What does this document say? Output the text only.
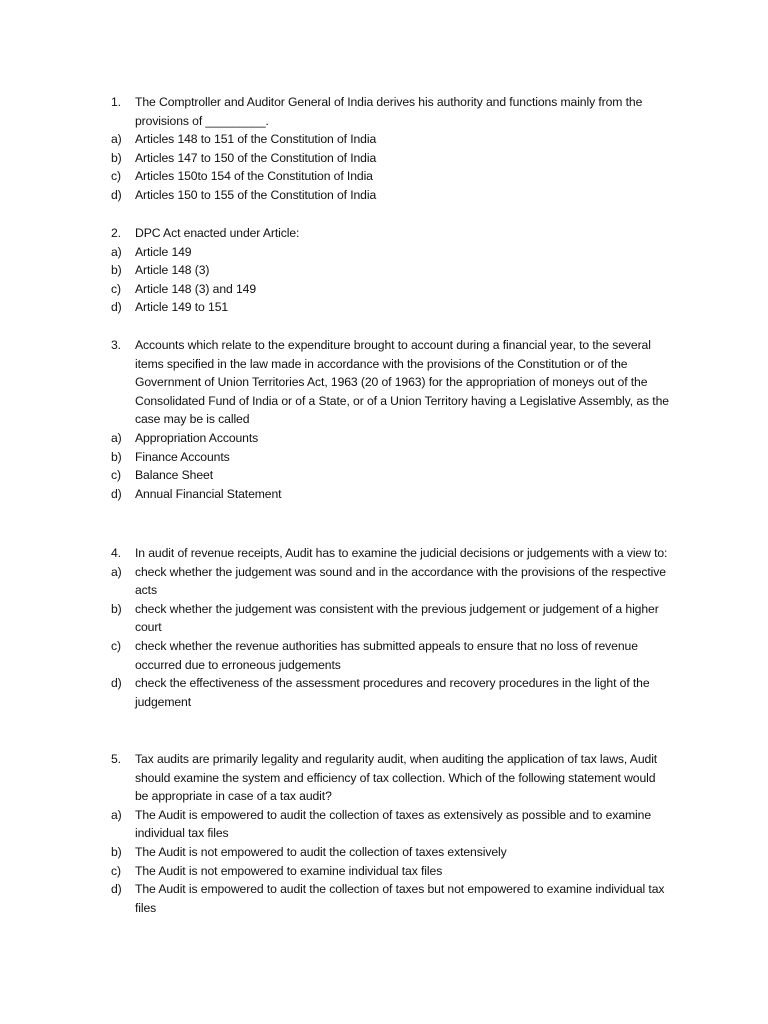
1.	The Comptroller and Auditor General of India derives his authority and functions mainly from the provisions of _________.
a)	Articles 148 to 151 of the Constitution of India
b)	Articles 147 to 150 of the Constitution of India
c)	Articles 150to 154 of the Constitution of India
d)	Articles 150 to 155 of the Constitution of India
2.	DPC Act enacted under Article:
a)	Article 149
b)	Article 148 (3)
c)	Article 148 (3) and 149
d)	Article 149 to 151
3.	Accounts which relate to the expenditure brought to account during a financial year, to the several items specified in the law made in accordance with the provisions of the Constitution or of the Government of Union Territories Act, 1963 (20 of 1963) for the appropriation of moneys out of the Consolidated Fund of India or of a State, or of a Union Territory having a Legislative Assembly, as the case may be is called
a)	Appropriation Accounts
b)	Finance Accounts
c)	Balance Sheet
d)	Annual Financial Statement
4.	In audit of revenue receipts, Audit has to examine the judicial decisions or judgements with a view to:
a)	check whether the judgement was sound and in the accordance with the provisions of the respective acts
b)	check whether the judgement was consistent with the previous judgement or judgement of a higher court
c)	check whether the revenue authorities has submitted appeals to ensure that no loss of revenue occurred due to erroneous judgements
d)	check the effectiveness of the assessment procedures and recovery procedures in the light of the judgement
5.	Tax audits are primarily legality and regularity audit, when auditing the application of tax laws, Audit should examine the system and efficiency of tax collection. Which of the following statement would be appropriate in case of a tax audit?
a)	The Audit is empowered to audit the collection of taxes as extensively as possible and to examine individual tax files
b)	The Audit is not empowered to audit the collection of taxes extensively
c)	The Audit is not empowered to examine individual tax files
d)	The Audit is empowered to audit the collection of taxes but not empowered to examine individual tax files
